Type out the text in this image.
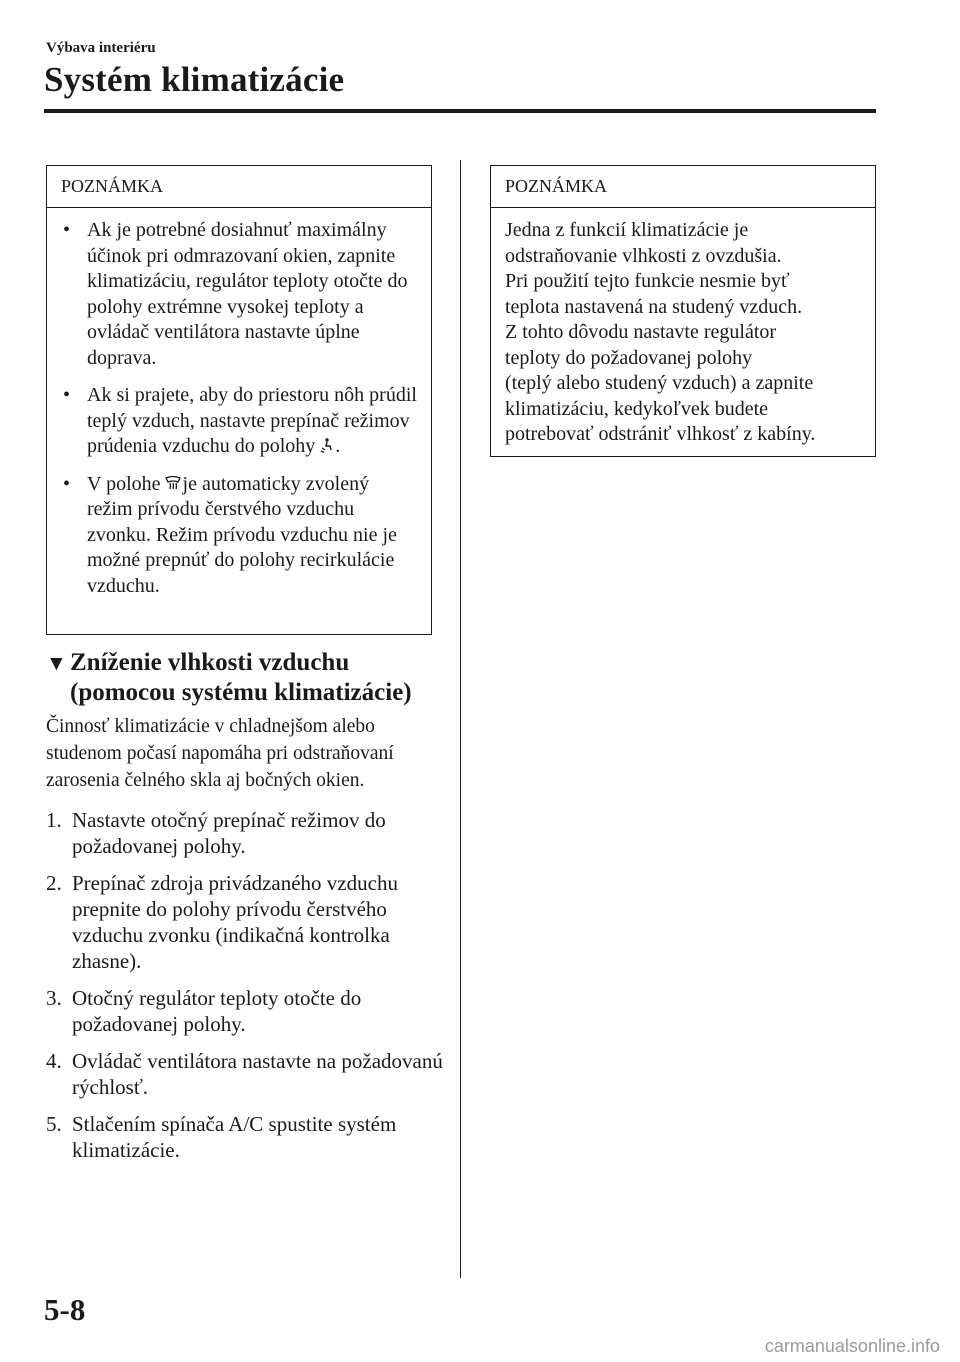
Výbava interiéru
Systém klimatizácie
POZNÁMKA
• Ak je potrebné dosiahnuť maximálny účinok pri odmrazovaní okien, zapnite klimatizáciu, regulátor teploty otočte do polohy extrémne vysokej teploty a ovládač ventilátora nastavte úplne doprava.
• Ak si prajete, aby do priestoru nôh prúdil teplý vzduch, nastavte prepínač režimov prúdenia vzduchu do polohy .
• V polohe je automaticky zvolený režim prívodu čerstvého vzduchu zvonku. Režim prívodu vzduchu nie je možné prepnúť do polohy recirkulácie vzduchu.
POZNÁMKA
Jedna z funkcií klimatizácie je
odstraňovanie vlhkosti z ovzdušia.
Pri použití tejto funkcie nesmie byť
teplota nastavená na studený vzduch.
Z tohto dôvodu nastavte regulátor
teploty do požadovanej polohy
(teplý alebo studený vzduch) a zapnite
klimatizáciu, kedykoľvek budete
potrebovať odstrániť vlhkosť z kabíny.
▼ Zníženie vlhkosti vzduchu (pomocou systému klimatizácie)
Činnosť klimatizácie v chladnejšom alebo studenom počasí napomáha pri odstraňovaní zarosenia čelného skla aj bočných okien.
1. Nastavte otočný prepínač režimov do požadovanej polohy.
2. Prepínač zdroja privádzaného vzduchu prepnite do polohy prívodu čerstvého vzduchu zvonku (indikačná kontrolka zhasne).
3. Otočný regulátor teploty otočte do požadovanej polohy.
4. Ovládač ventilátora nastavte na požadovanú rýchlosť.
5. Stlačením spínača A/C spustite systém klimatizácie.
5-8
carmanualsonline.info
